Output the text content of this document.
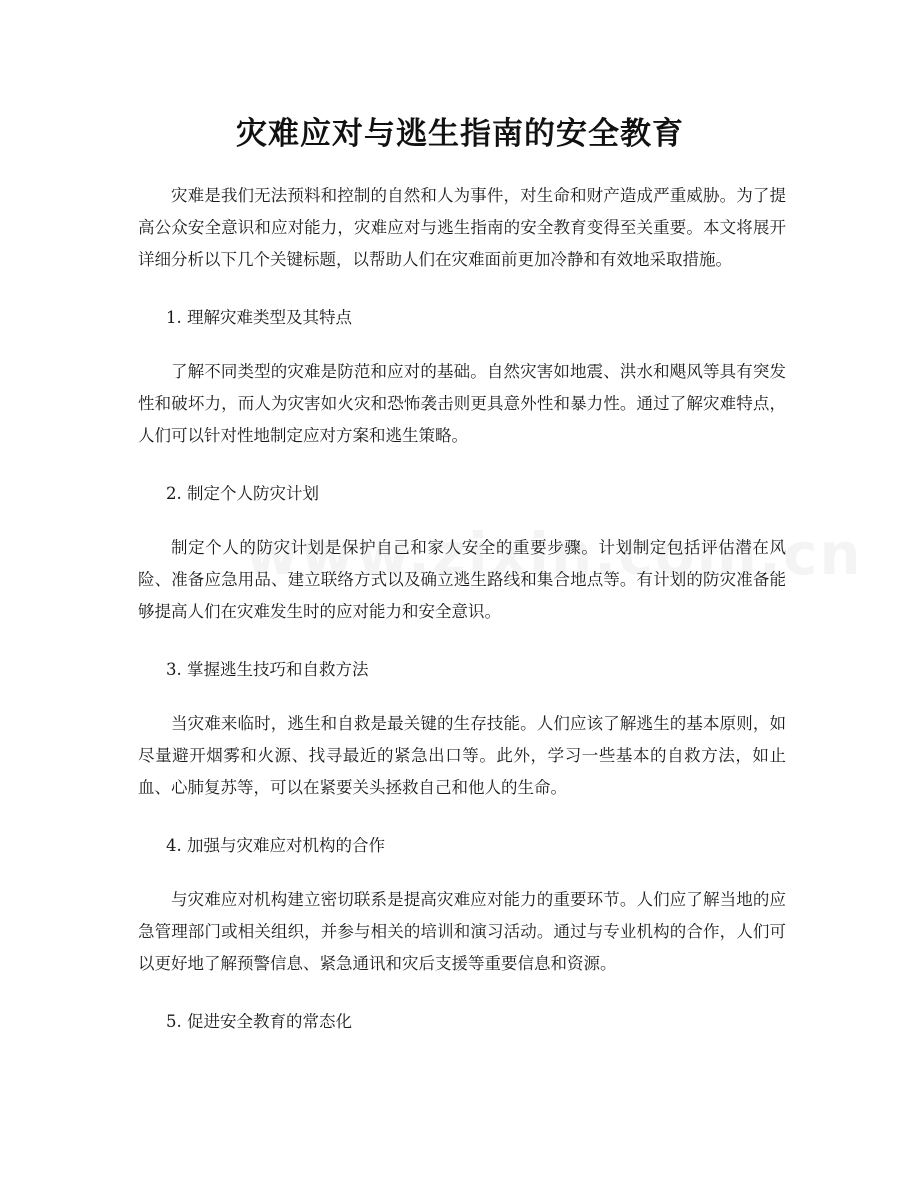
灾难应对与逃生指南的安全教育

灾难是我们无法预料和控制的自然和人为事件，对生命和财产造成严重威胁。为了提高公众安全意识和应对能力，灾难应对与逃生指南的安全教育变得至关重要。本文将展开详细分析以下几个关键标题，以帮助人们在灾难面前更加冷静和有效地采取措施。

1. 理解灾难类型及其特点

了解不同类型的灾难是防范和应对的基础。自然灾害如地震、洪水和飓风等具有突发性和破坏力，而人为灾害如火灾和恐怖袭击则更具意外性和暴力性。通过了解灾难特点，人们可以针对性地制定应对方案和逃生策略。

2. 制定个人防灾计划

制定个人的防灾计划是保护自己和家人安全的重要步骤。计划制定包括评估潜在风险、准备应急用品、建立联络方式以及确立逃生路线和集合地点等。有计划的防灾准备能够提高人们在灾难发生时的应对能力和安全意识。

3. 掌握逃生技巧和自救方法

当灾难来临时，逃生和自救是最关键的生存技能。人们应该了解逃生的基本原则，如尽量避开烟雾和火源、找寻最近的紧急出口等。此外，学习一些基本的自救方法，如止血、心肺复苏等，可以在紧要关头拯救自己和他人的生命。

4. 加强与灾难应对机构的合作

与灾难应对机构建立密切联系是提高灾难应对能力的重要环节。人们应了解当地的应急管理部门或相关组织，并参与相关的培训和演习活动。通过与专业机构的合作，人们可以更好地了解预警信息、紧急通讯和灾后支援等重要信息和资源。

5. 促进安全教育的常态化
